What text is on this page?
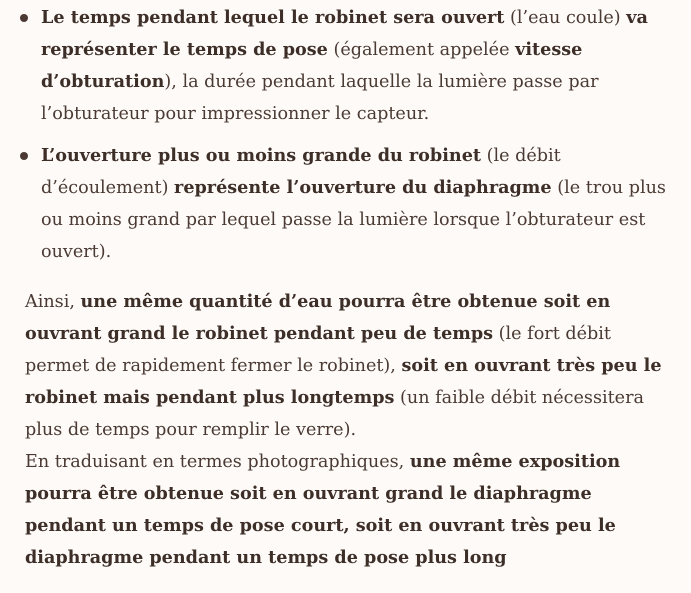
Le temps pendant lequel le robinet sera ouvert (l’eau coule) va représenter le temps de pose (également appelée vitesse d’obturation), la durée pendant laquelle la lumière passe par l’obturateur pour impressionner le capteur.
L’ouverture plus ou moins grande du robinet (le débit d’écoulement) représente l’ouverture du diaphragme (le trou plus ou moins grand par lequel passe la lumière lorsque l’obturateur est ouvert).

Ainsi, une même quantité d’eau pourra être obtenue soit en ouvrant grand le robinet pendant peu de temps (le fort débit permet de rapidement fermer le robinet), soit en ouvrant très peu le robinet mais pendant plus longtemps (un faible débit nécessitera plus de temps pour remplir le verre).

En traduisant en termes photographiques, une même exposition pourra être obtenue soit en ouvrant grand le diaphragme pendant un temps de pose court, soit en ouvrant très peu le diaphragme pendant un temps de pose plus long
